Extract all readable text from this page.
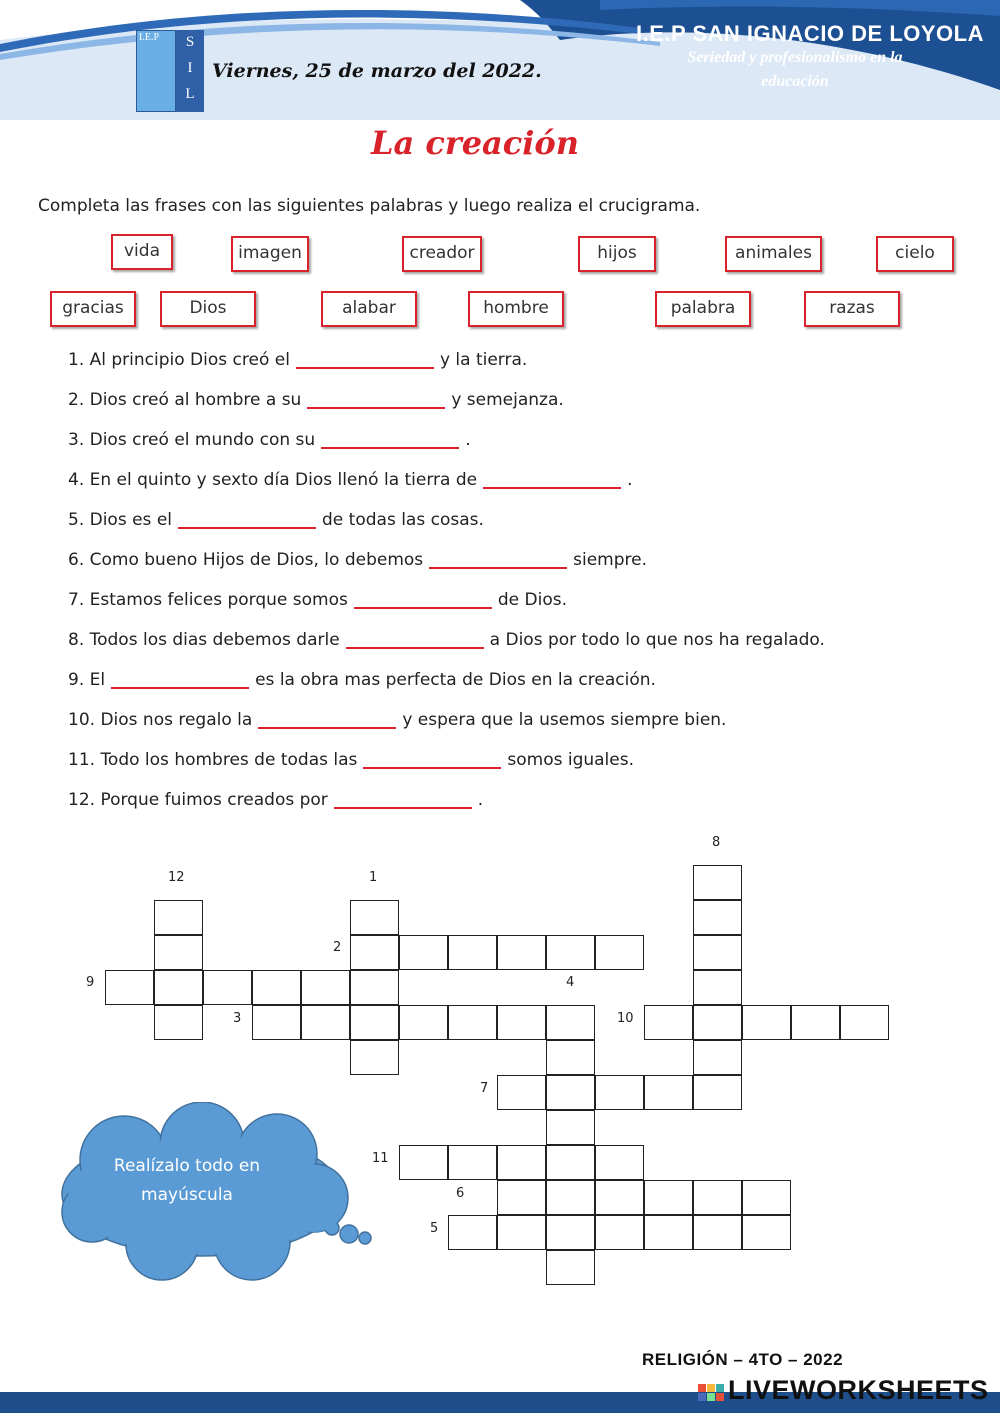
I.E.P	S
I
L
Viernes, 25 de marzo del 2022.
I.E.P SAN IGNACIO DE LOYOLA
Seriedad y profesionalismo en la
educación
La creación
Completa las frases con las siguientes palabras y luego realiza el crucigrama.
vida	imagen	creador	hijos	animales	cielo
gracias	Dios	alabar	hombre	palabra	razas
1. Al principio Dios creó el	y la tierra.
2. Dios creó al hombre a su	y semejanza.
3. Dios creó el mundo con su	.
4. En el quinto y sexto día Dios llenó la tierra de	.
5. Dios es el	de todas las cosas.
6. Como bueno Hijos de Dios, lo debemos	siempre.
7. Estamos felices porque somos	de Dios.
8. Todos los dias debemos darle	a Dios por todo lo que nos ha regalado.
9. El	es la obra mas perfecta de Dios en la creación.
10. Dios nos regalo la	y espera que la usemos siempre bien.
11. Todo los hombres de todas las	somos iguales.
12. Porque fuimos creados por	.
12	1
8
2
9	4
3	10
7
11
6
5
Realízalo todo en mayúscula
RELIGIÓN – 4TO – 2022
LIVEWORKSHEETS
